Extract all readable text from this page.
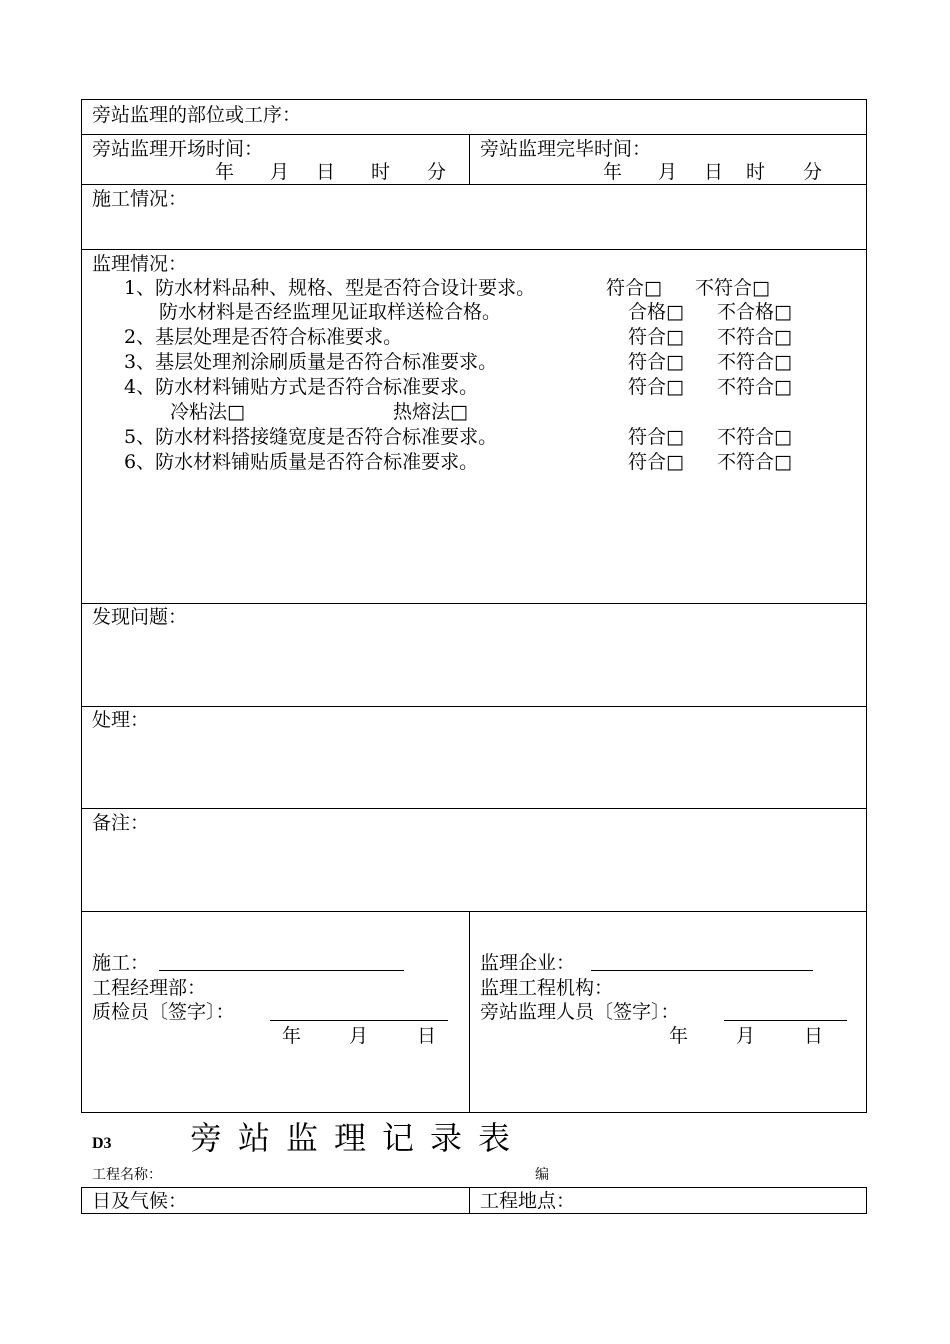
旁站监理的部位或工序：
旁站监理开场时间：
年 月 日 时 分
旁站监理完毕时间：
年 月 日 时 分
施工情况：
监理情况：
1、防水材料品种、规格、型是否符合设计要求。	符合□ 不符合□
防水材料是否经监理见证取样送检合格。	合格□ 不合格□
2、基层处理是否符合标准要求。	符合□ 不符合□
3、基层处理剂涂刷质量是否符合标准要求。	符合□ 不符合□
4、防水材料铺贴方式是否符合标准要求。	符合□ 不符合□
冷粘法□	热熔法□
5、防水材料搭接缝宽度是否符合标准要求。	符合□ 不符合□
6、防水材料铺贴质量是否符合标准要求。	符合□ 不符合□
发现问题：
处理：
备注：
施工：
工程经理部：
质检员〔签字〕：
年	月	日
监理企业：
监理工程机构：
旁站监理人员〔签字〕：
年	月	日
D3 旁站监理记录表
工程名称：	编
日及气候：	工程地点：
